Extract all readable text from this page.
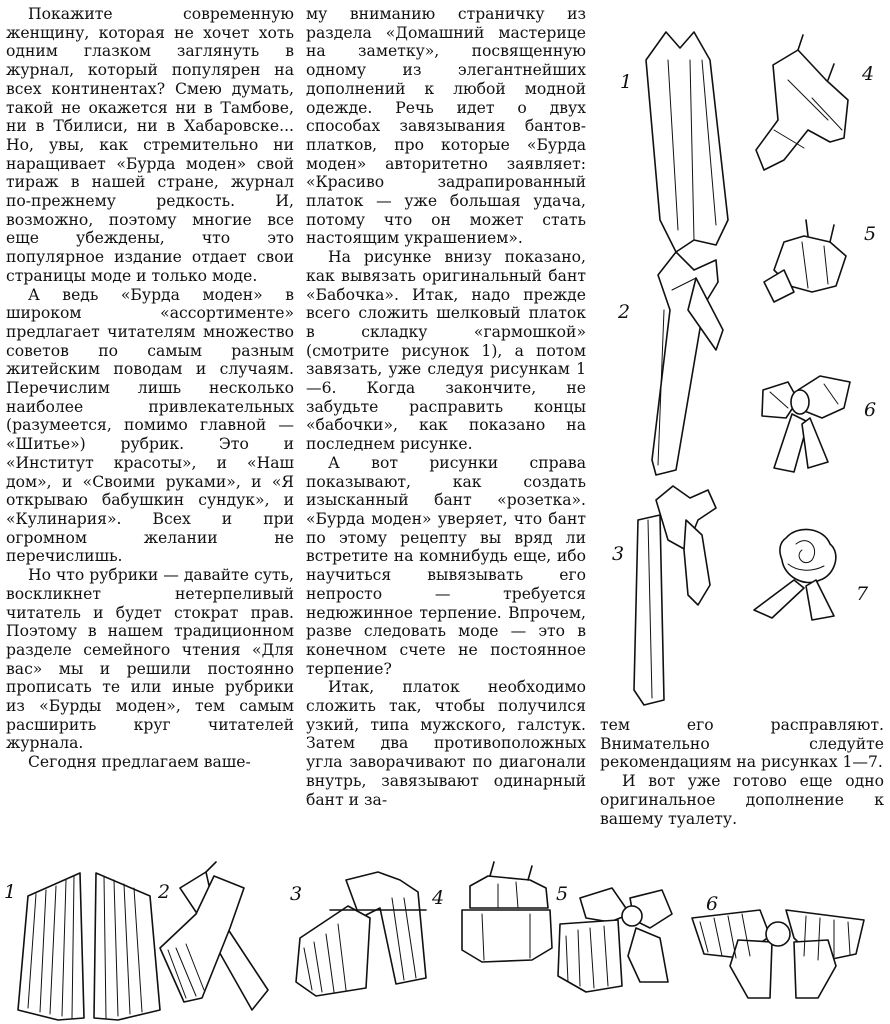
Покажите современную женщину, которая не хочет хоть одним глазком заглянуть в журнал, который популярен на всех континентах? Смею думать, такой не окажется ни в Тамбове, ни в Тбилиси, ни в Хабаровске... Но, увы, как стремительно ни наращивает «Бурда моден» свой тираж в нашей стране, журнал по-прежнему редкость. И, возможно, поэтому многие все еще убеждены, что это популярное издание отдает свои страницы моде и только моде.

А ведь «Бурда моден» в широком «ассортименте» предлагает читателям множество советов по самым разным житейским поводам и случаям. Перечислим лишь несколько наиболее привлекательных (разумеется, помимо главной — «Шитье») рубрик. Это и «Институт красоты», и «Наш дом», и «Своими руками», и «Я открываю бабушкин сундук», и «Кулинария». Всех и при огромном желании не перечислишь.

Но что рубрики — давайте суть, воскликнет нетерпеливый читатель и будет стократ прав. Поэтому в нашем традиционном разделе семейного чтения «Для вас» мы и решили постоянно прописать те или иные рубрики из «Бурды моден», тем самым расширить круг читателей журнала.

Сегодня предлагаем ваше-

му вниманию страничку из раздела «Домашний мастерице на заметку», посвященную одному из элегантнейших дополнений к любой модной одежде. Речь идет о двух способах завязывания бантов-платков, про которые «Бурда моден» авторитетно заявляет: «Красиво задрапированный платок — уже большая удача, потому что он может стать настоящим украшением».

На рисунке внизу показано, как вывязать оригинальный бант «Бабочка». Итак, надо прежде всего сложить шелковый платок в складку «гармошкой» (смотрите рисунок 1), а потом завязать, уже следуя рисункам 1—6. Когда закончите, не забудьте расправить концы «бабочки», как показано на последнем рисунке.

А вот рисунки справа показывают, как создать изысканный бант «розетка». «Бурда моден» уверяет, что бант по этому рецепту вы вряд ли встретите на комнибудь еще, ибо научиться вывязывать его непросто — требуется недюжинное терпение. Впрочем, разве следовать моде — это в конечном счете не постоянное терпение?

Итак, платок необходимо сложить так, чтобы получился узкий, типа мужского, галстук. Затем два противоположных угла заворачивают по диагонали внутрь, завязывают одинарный бант и за-

тем его расправляют. Внимательно следуйте рекомендациям на рисунках 1—7.

И вот уже готово еще одно оригинальное дополнение к вашему туалету.

1
2
3
4
5
6
7
1	2	3	4	5	6
